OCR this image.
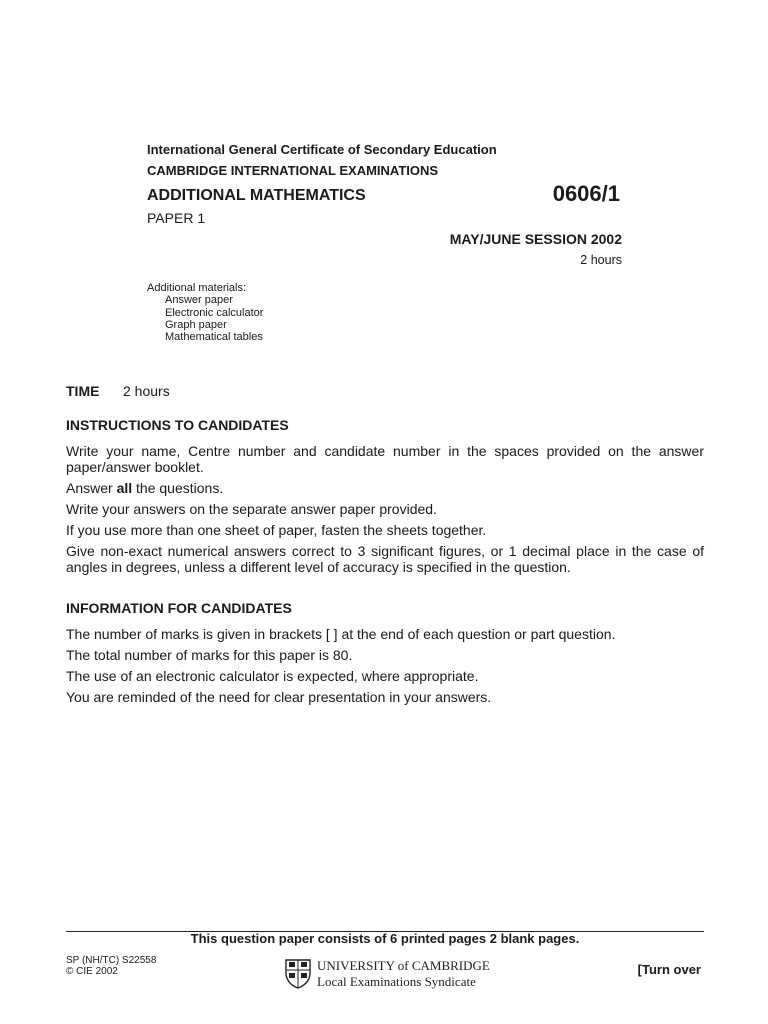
International General Certificate of Secondary Education
CAMBRIDGE INTERNATIONAL EXAMINATIONS
ADDITIONAL MATHEMATICS	0606/1
PAPER 1
MAY/JUNE SESSION 2002
2 hours
Additional materials:
Answer paper
Electronic calculator
Graph paper
Mathematical tables
TIME 2 hours
INSTRUCTIONS TO CANDIDATES

Write your name, Centre number and candidate number in the spaces provided on the answer paper/answer booklet.

Answer all the questions.

Write your answers on the separate answer paper provided.

If you use more than one sheet of paper, fasten the sheets together.

Give non-exact numerical answers correct to 3 significant figures, or 1 decimal place in the case of angles in degrees, unless a different level of accuracy is specified in the question.

INFORMATION FOR CANDIDATES

The number of marks is given in brackets [ ] at the end of each question or part question.

The total number of marks for this paper is 80.

The use of an electronic calculator is expected, where appropriate.

You are reminded of the need for clear presentation in your answers.

This question paper consists of 6 printed pages 2 blank pages.
SP (NH/TC) S22558
© CIE 2002	UNIVERSITY of CAMBRIDGE
Local Examinations Syndicate
[Turn over
